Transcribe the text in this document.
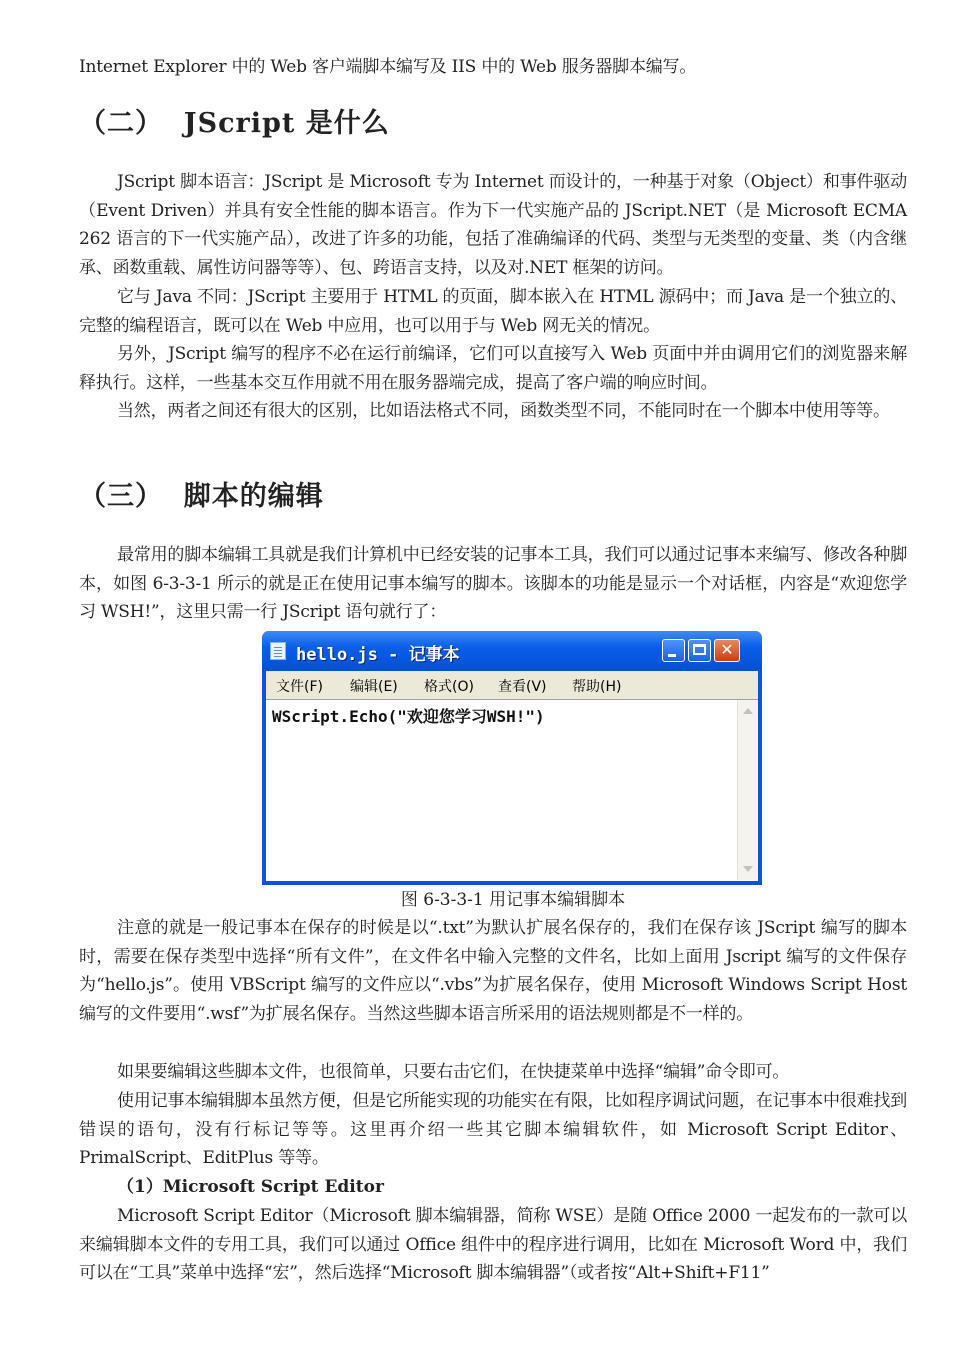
Internet Explorer 中的 Web 客户端脚本编写及 IIS 中的 Web 服务器脚本编写。

（二）  JScript 是什么

JScript 脚本语言：JScript 是 Microsoft 专为 Internet 而设计的，一种基于对象（Object）和事件驱动（Event Driven）并具有安全性能的脚本语言。作为下一代实施产品的 JScript.NET（是 Microsoft ECMA 262 语言的下一代实施产品），改进了许多的功能，包括了准确编译的代码、类型与无类型的变量、类（内含继承、函数重载、属性访问器等等）、包、跨语言支持，以及对.NET 框架的访问。

它与 Java 不同：JScript 主要用于 HTML 的页面，脚本嵌入在 HTML 源码中；而 Java 是一个独立的、完整的编程语言，既可以在 Web 中应用，也可以用于与 Web 网无关的情况。

另外，JScript 编写的程序不必在运行前编译，它们可以直接写入 Web 页面中并由调用它们的浏览器来解释执行。这样，一些基本交互作用就不用在服务器端完成，提高了客户端的响应时间。

当然，两者之间还有很大的区别，比如语法格式不同，函数类型不同，不能同时在一个脚本中使用等等。

（三）  脚本的编辑

最常用的脚本编辑工具就是我们计算机中已经安装的记事本工具，我们可以通过记事本来编写、修改各种脚本，如图 6-3-3-1 所示的就是正在使用记事本编写的脚本。该脚本的功能是显示一个对话框，内容是“欢迎您学习 WSH!”，这里只需一行 JScript 语句就行了：

hello.js - 记事本	✕
文件(F) 编辑(E) 格式(O) 查看(V) 帮助(H)
WScript.Echo("欢迎您学习WSH!")

图 6-3-3-1 用记事本编辑脚本

注意的就是一般记事本在保存的时候是以“.txt”为默认扩展名保存的，我们在保存该 JScript 编写的脚本时，需要在保存类型中选择“所有文件”，在文件名中输入完整的文件名，比如上面用 Jscript 编写的文件保存为“hello.js”。使用 VBScript 编写的文件应以“.vbs”为扩展名保存，使用 Microsoft Windows Script Host 编写的文件要用“.wsf”为扩展名保存。当然这些脚本语言所采用的语法规则都是不一样的。

如果要编辑这些脚本文件，也很简单，只要右击它们，在快捷菜单中选择“编辑”命令即可。

使用记事本编辑脚本虽然方便，但是它所能实现的功能实在有限，比如程序调试问题，在记事本中很难找到错误的语句，没有行标记等等。这里再介绍一些其它脚本编辑软件，如 Microsoft Script Editor、PrimalScript、EditPlus 等等。

（1）Microsoft Script Editor

Microsoft Script Editor（Microsoft 脚本编辑器，简称 WSE）是随 Office 2000 一起发布的一款可以来编辑脚本文件的专用工具，我们可以通过 Office 组件中的程序进行调用，比如在 Microsoft Word 中，我们可以在“工具”菜单中选择“宏”，然后选择“Microsoft 脚本编辑器”（或者按“Alt+Shift+F11”
